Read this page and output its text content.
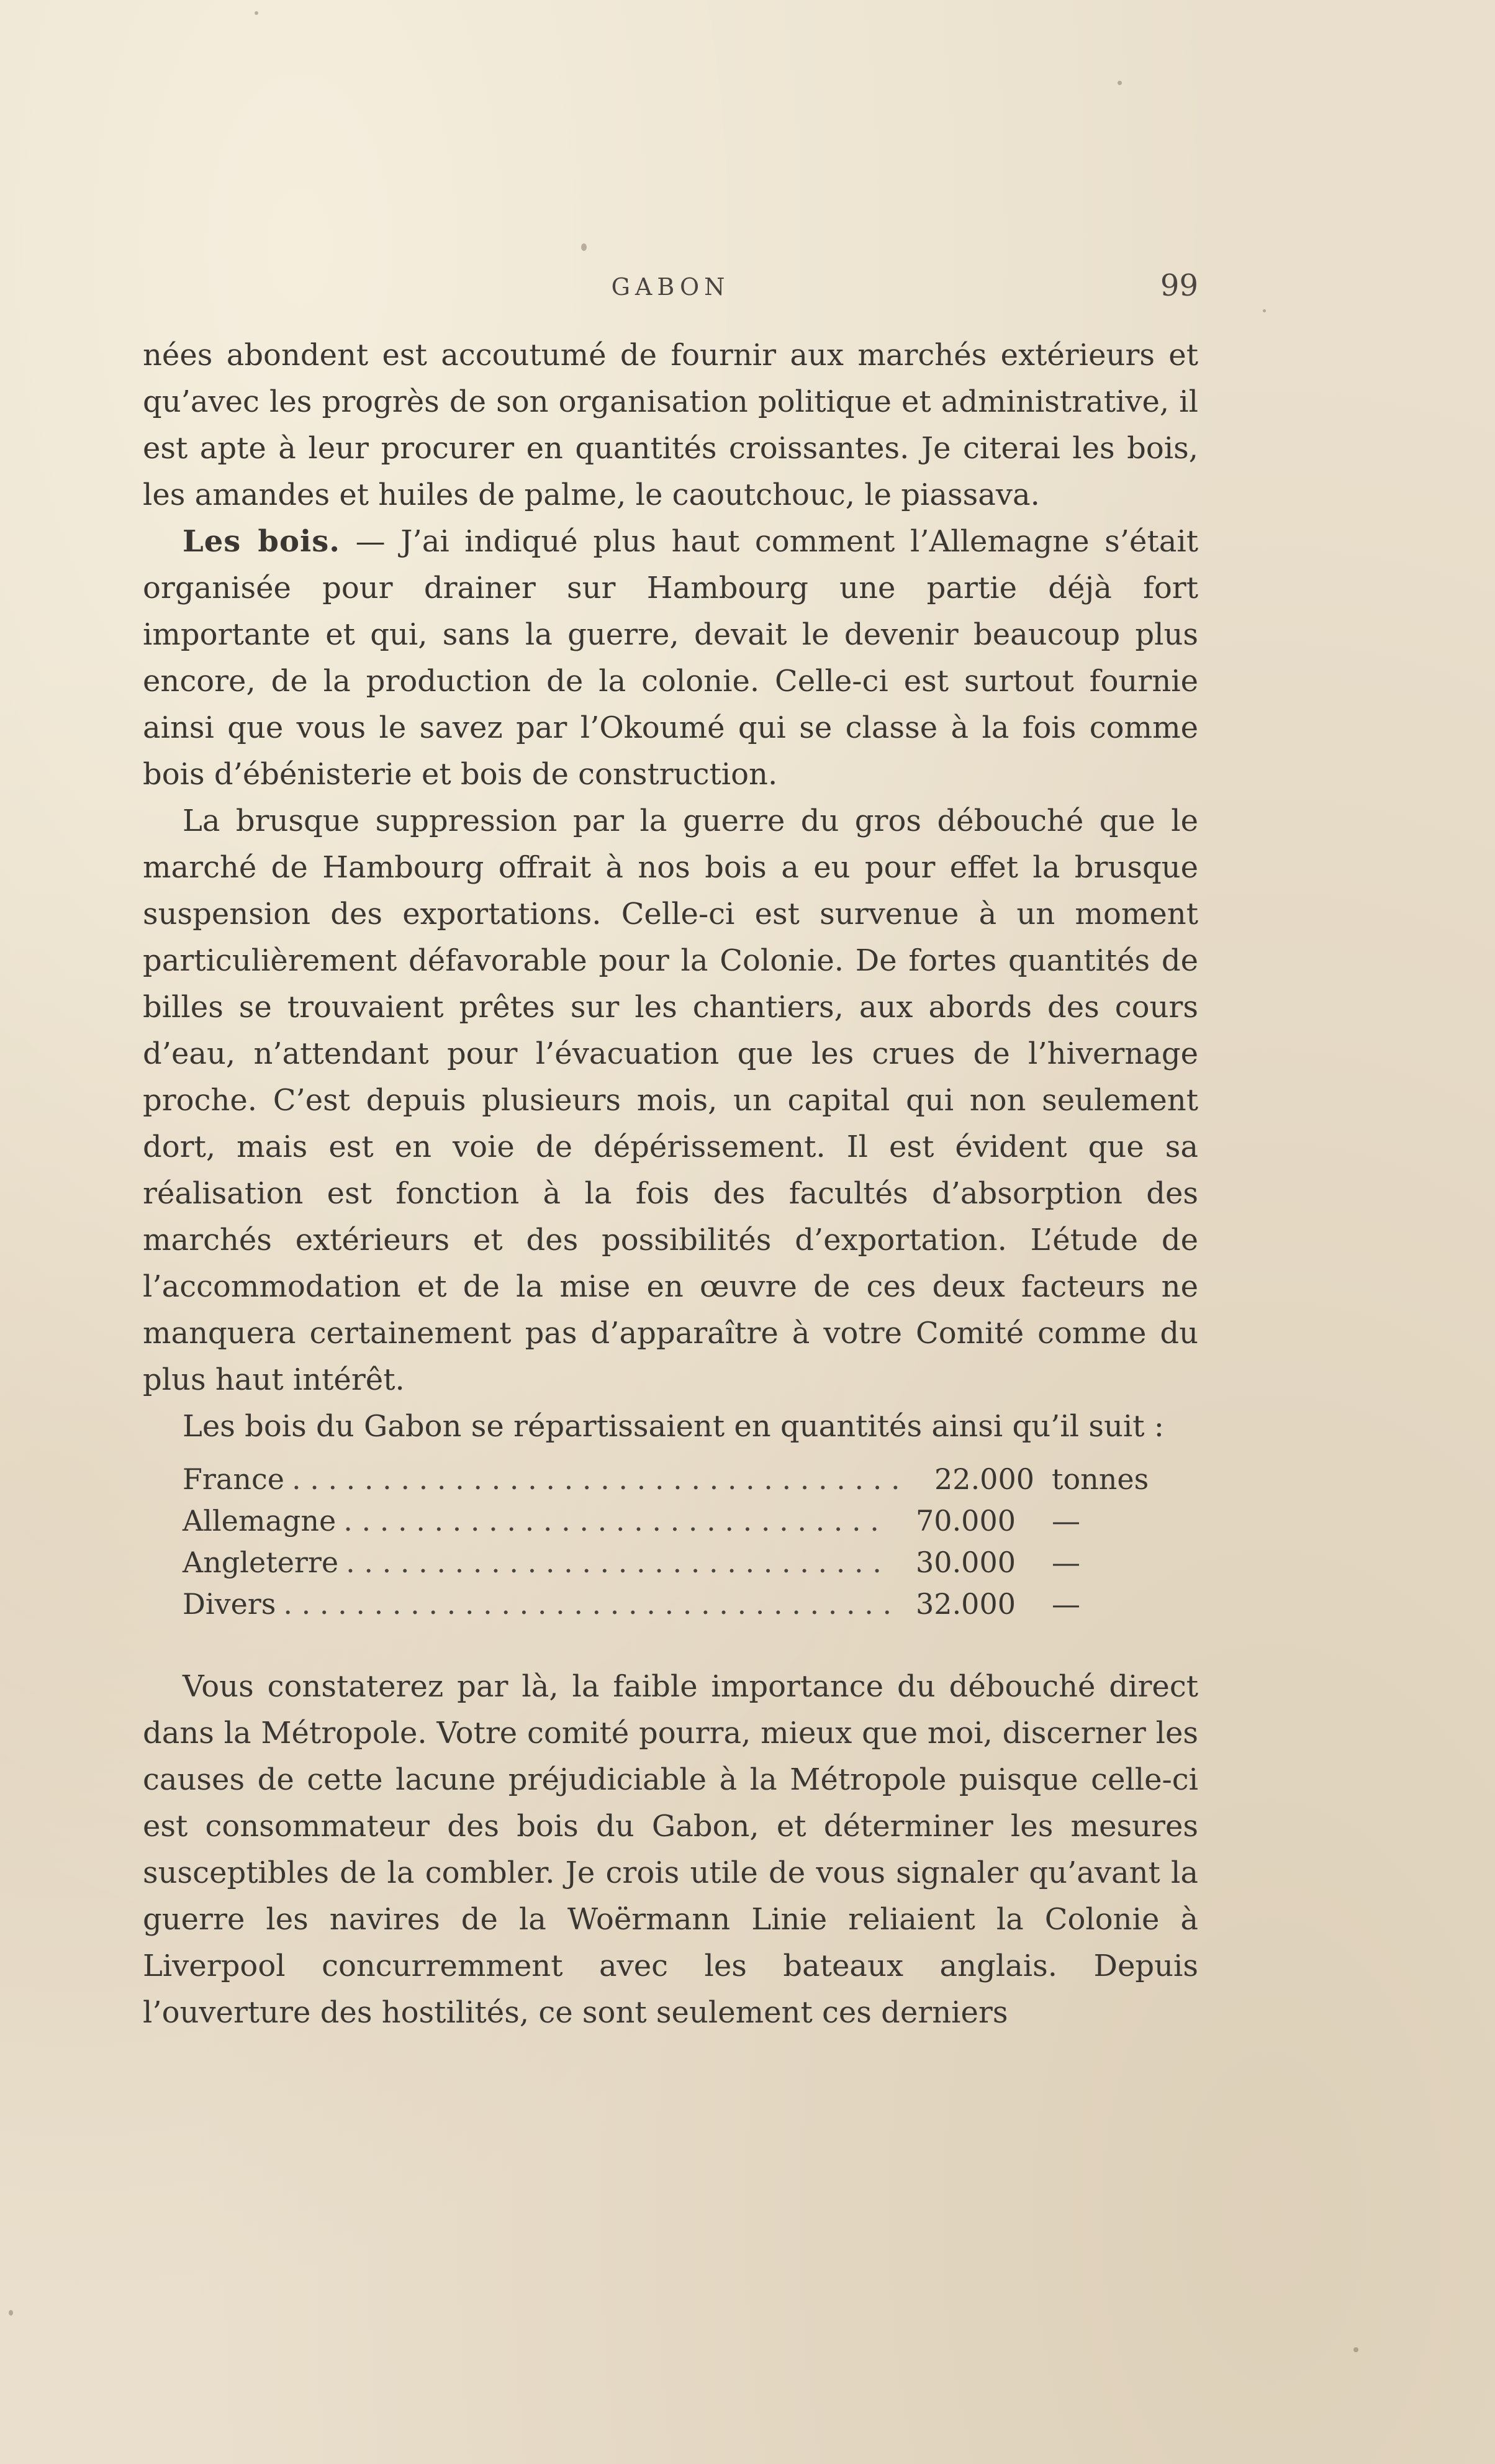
GABON	99

nées abondent est accoutumé de fournir aux marchés extérieurs et qu’avec les progrès de son organisation politique et administrative, il est apte à leur procurer en quantités croissantes. Je citerai les bois, les amandes et huiles de palme, le caoutchouc, le piassava.

Les bois. — J’ai indiqué plus haut comment l’Allemagne s’était organisée pour drainer sur Hambourg une partie déjà fort importante et qui, sans la guerre, devait le devenir beaucoup plus encore, de la production de la colonie. Celle-ci est surtout fournie ainsi que vous le savez par l’Okoumé qui se classe à la fois comme bois d’ébénisterie et bois de construction.

La brusque suppression par la guerre du gros débouché que le marché de Hambourg offrait à nos bois a eu pour effet la brusque suspension des exportations. Celle-ci est survenue à un moment particulièrement défavorable pour la Colonie. De fortes quantités de billes se trouvaient prêtes sur les chantiers, aux abords des cours d’eau, n’attendant pour l’évacuation que les crues de l’hivernage proche. C’est depuis plusieurs mois, un capital qui non seulement dort, mais est en voie de dépérissement. Il est évident que sa réalisation est fonction à la fois des facultés d’absorption des marchés extérieurs et des possibilités d’exportation. L’étude de l’accommodation et de la mise en œuvre de ces deux facteurs ne manquera certainement pas d’apparaître à votre Comité comme du plus haut intérêt.

Les bois du Gabon se répartissaient en quantités ainsi qu’il suit :

France . . .	22.000 tonnes
Allemagne . . .	70.000	—
Angleterre . . .	30.000	—
Divers . . .	32.000	—

Vous constaterez par là, la faible importance du débouché direct dans la Métropole. Votre comité pourra, mieux que moi, discerner les causes de cette lacune préjudiciable à la Métropole puisque celle-ci est consommateur des bois du Gabon, et déterminer les mesures susceptibles de la combler. Je crois utile de vous signaler qu’avant la guerre les navires de la Woërmann Linie reliaient la Colonie à Liverpool concurremment avec les bateaux anglais. Depuis l’ouverture des hostilités, ce sont seulement ces derniers
